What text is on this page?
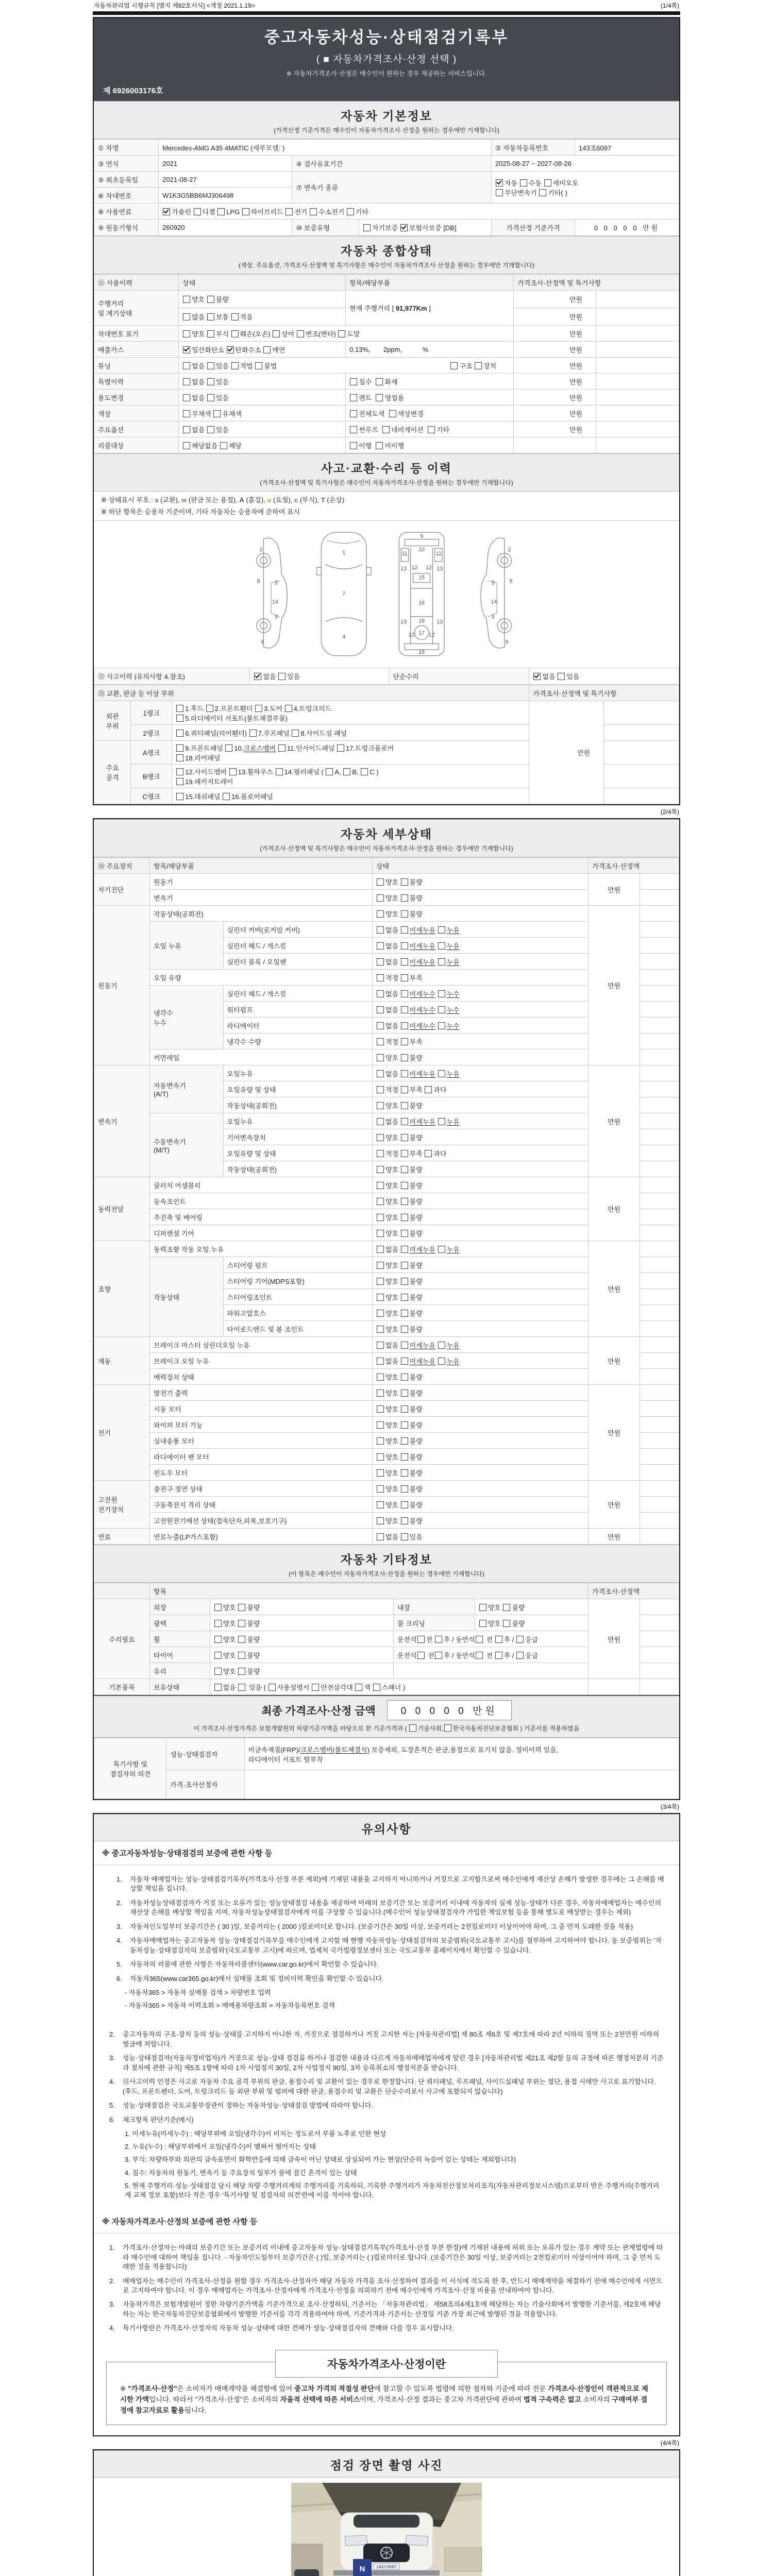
자동차관리법 시행규칙 [별지 제82호서식] <개정 2021.1.19>	(1/4쪽)
중고자동차성능·상태점검기록부
( ■ 자동차가격조사·산정 선택 )
※ 자동차가격조사·산정은 매수인이 원하는 경우 제공하는 서비스입니다.
제 6926003176호
자동차 기본정보
(가격산정 기준가격은 매수인이 자동차가격조사·산정을 원하는 경우에만 기재합니다)
① 차명	Mercedes-AMG A35 4MATIC (세부모델: )			② 자동차등록번호	143조6097
③ 연식	2021	④ 검사유효기간		2025-08-27 ~ 2027-08-26	
⑤ 최초등록일	2021-08-27	⑦ 변속기 종류		자동 수동 세미오토
무단변속기 기타( )	
⑥ 차대번호	W1K3G5BB6MJ306498				
⑧ 사용연료	가솔린 디젤 LPG 하이브리드 전기 수소전기 기타				
⑨ 원동기형식	260920	⑩ 보증유형	자기보증 보험사보증 [DB]	가격산정 기준가격	0 0 0 0 0 만원
자동차 종합상태
(색상, 주요옵션, 가격조사·산정액 및 특기사항은 매수인이 자동차가격조사·산정을 원하는 경우에만 기재합니다)
⑪ 사용이력	상태	항목/해당부품	가격조사·산정액 및 특기사항	
주행거리
및 계기상태	양호 불량	현재 주행거리 [ 91,977Km ]	만원	
	많음 보통 적음		만원	
차대번호 표기	양호 부식 훼손(오손) 상이 변조(변타) 도말		만원	
배출가스	일산화탄소 탄화수소 매연	0.13%,       2ppm,           %	만원	
튜닝	없음 있음 적법 불법 구조 장치		만원	
특별이력	없음 있음	침수  화재	만원	
용도변경	없음 있음	렌트  영업용	만원	
색상	무채색 유채색	전체도색  색상변경	만원	
주요옵션	없음 있음	썬루프  네비게이션  기타	만원	
리콜대상	해당없음 해당	이행  미이행		
사고·교환·수리 등 이력
(가격조사·산정액 및 특기사항은 매수인이 자동차가격조사·산정을 원하는 경우에만 기재합니다)
※ 상태표시 부호 : x (교환), w (판금 또는 용접), A (흠집), u (요철), c (부식), T (손상)
※ 하단 항목은 승용차 기준이며, 기타 자동차는 승용차에 준하여 표시
2
8	3
14
3
6
1
7
4
9
10
11	11
13	13
12 12
15
16
13	13
19
12 12
17
18
2
8
3
14
3
6
⑫ 사고이력 (유의사항 4.참조)	없음 있음	단순수리	없음 있음
⑬ 교환, 판금 등 이상 부위			가격조사·산정액 및 특기사항	
외판
부위	1랭크	1.후드 2.프론트휀더 3.도어 4.트렁크리드
5.라디에이터 서포트(볼트체결부품)	만원	
	2랭크	6.쿼터패널(리어휀더) 7.루프패널 8.사이드실 패널		
주요
골격	A랭크	9.프론트패널 10.크로스멤버 11.인사이드패널 17.트렁크플로어
18.리어패널		
	B랭크	12.사이드멤버 13.휠하우스 14.필러패널 ( A, B, C )
19.패키지트레이		
	C랭크	15.대쉬패널 16.플로어패널		
(2/4쪽)
자동차 세부상태
(가격조사·산정액 및 특기사항은 매수인이 자동차가격조사·산정을 원하는 경우에만 기재합니다)
⑭ 주요장치	항목/해당부품		상태	가격조사·산정액	
자기진단	원동기		양호 불량	만원	
	변속기		양호 불량		
원동기	작동상태(공회전)		양호 불량	만원	
	오일 누유	실린더 커버(로커암 커버)	없음 미세누유 누유		
		실린더 헤드 / 개스킷	없음 미세누유 누유		
		실린더 블록 / 오일팬	없음 미세누유 누유		
	오일 유량		적정 부족		
	냉각수
누수	실린더 헤드 / 개스킷	없음 미세누수 누수		
		워터펌프	없음 미세누수 누수		
		라디에이터	없음 미세누수 누수		
		냉각수 수량	적정 부족		
	커먼레일		양호 불량		
변속기	자동변속기
(A/T)	오일누유	없음 미세누유 누유	만원	
		오일유량 및 상태	적정 부족 과다		
		작동상태(공회전)	양호 불량		
	수동변속기
(M/T)	오일누유	없음 미세누유 누유		
		기어변속장치	양호 불량		
		오일유량 및 상태	적정 부족 과다		
		작동상태(공회전)	양호 불량		
동력전달	클러치 어셈블리		양호 불량	만원	
	등속조인트		양호 불량		
	추진축 및 베어링		양호 불량		
	디퍼렌셜 기어		양호 불량		
조향	동력조향 작동 오일 누유		없음 미세누유 누유	만원	
	작동상태	스티어링 펌프	양호 불량		
		스티어링 기어(MDPS포함)	양호 불량		
		스티어링조인트	양호 불량		
		파워고압호스	양호 불량		
		타이로드엔드 및 볼 조인트	양호 불량		
제동	브레이크 마스터 실린더오일 누유		없음 미세누유 누유	만원	
	브레이크 오일 누유		없음 미세누유 누유		
	배력장치 상태		양호 불량		
전기	발전기 출력		양호 불량	만원	
	시동 모터		양호 불량		
	와이퍼 모터 기능		양호 불량		
	실내송풍 모터		양호 불량		
	라디에이터 팬 모터		양호 불량		
	윈도우 모터		양호 불량		
고전원
전기장치	충전구 절연 상태		양호 불량	만원	
	구동축전지 격리 상태		양호 불량		
	고전원전기배선 상태(접속단자,피복,보호기구)		양호 불량		
연료	연료누출(LP가스포함)		없음 있음	만원	
자동차 기타정보
(이 항목은 매수인이 자동차가격조사·산정을 원하는 경우에만 기재합니다)
	항목				가격조사·산정액	
수리필요	외장	양호 불량	내장	양호 불량	만원	
	광택	양호 불량	룸 크리닝	양호 불량		
	휠	양호 불량	운전석 전 후 / 동반석 전 후 / 응급			
	타이어	양호 불량	운전석 전 후 / 동반석 전 후 / 응급			
	유리	양호 불량				
기본품목	보유상태	없음  있음 ( 사용설명서 안전삼각대 잭 스패너 )				
최종 가격조사·산정 금액	0 0 0 0 0 만원
이 가격조사·산정가격은 보험개발원의 차량기준가액을 바탕으로 한 기준가격과 ( 기술사회, 한국자동차진단보증협회 ) 기준서를 적용하였음
특기사항 및
점검자의 의견	성능·상태점검자	비금속재질(FRP)/크로스멤버(볼트체결식) 보증제외, 도장흔적은 판금,용접으로 표기치 않음. 정비이력 있음,
라디에이터 서포트 탈부착
	가격·조사산정자	
(3/4쪽)
유의사항
※ 중고자동차성능·상태점검의 보증에 관한 사항 등
1.	자동차 매매업자는 성능·상태점검기록부(가격조사·산정 부분 제외)에 기재된 내용을 고지하지 아니하거나 거짓으로 고지함으로써 매수인에게 재산상 손해가 발생한 경우에는 그 손해를 배상할 책임을 집니다.
2.	자동차성능상태점검자가 거짓 또는 오류가 있는 성능상태점검 내용을 제공하여 아래의 보증기간 또는 보증거리 이내에 자동차의 실제 성능·상태가 다른 경우, 자동차매매업자는 매수인의 재산상 손해를 배상할 책임을 지며, 자동차성능상태점검자에게 이를 구상할 수 있습니다.(매수인이 성능상태점검자가 가입한 책임보험 등을 통해 별도로 배상받는 경우는 제외)
3.	자동차인도일부터 보증기간은 ( 30 )일, 보증거리는 ( 2000 )킬로미터로 합니다. (보증기간은 30일 이상, 보증거리는 2천킬로미터 이상이어야 하며, 그 중 먼저 도래한 것을 적용)
4.	자동차매매업자는 중고자동차 성능·상태점검기록부를 매수인에게 고지할 때 현행 자동차성능·상태점검자의 보증범위(국토교통부 고시)를 첨부하여 고지하여야 합니다. 동 보증범위는 '자동차성능·상태점검자의 보증범위'(국토교통부 고시)에 따르며, 법제처 국가법령정보센터 또는 국토교통부 홈페이지에서 확인할 수 있습니다.
5.	자동차의 리콜에 관한 사항은 자동차리콜센터(www.car.go.kr)에서 확인할 수 있습니다.
6.	자동차365(www.car365.go.kr)에서 실매물 조회 및 정비이력 확인을 확인할 수 있습니다.
- 자동차365 > 자동차 실매물 검색 > 차량번호 입력
- 자동차365 > 자동차 이력조회 > 매매용차량조회 > 자동차등록번호 검색
2.	중고자동차의 구조·장치 등의 성능·상태를 고지하지 아니한 자, 거짓으로 점검하거나 거짓 고지한 자는 [자동차관리법] 제 80조 제6호 및 제7호에 따라 2년 이하의 징역 또는 2천만원 이하의 벌금에 처합니다.
3.	성능·상태점검자(자동차정비업자)가 거짓으로 성능·상태 점검을 하거나 점검한 내용과 다르게 자동차매매업자에게 알린 경우 [자동차관리법 제21조 제2항 등의 규정에 따른 행정처분의 기준과 절차에 관한 규칙] 제5조 1항에 따라 1차 사업정지 30일, 2차 사업정지 90일, 3차 등록취소의 행정처분을 받습니다.
4.	⑫사고이력 인정은 사고로 자동차 주요 골격 부위의 판금, 용접수리 및 교환이 있는 경우로 한정합니다. 단 쿼터패널, 루프패널, 사이드실패널 부위는 절단, 용접 시에만 사고로 표기합니다. (후드, 프론트펜더, 도어, 트렁크리드 등 외판 부위 및 범퍼에 대한 판금, 용접수리 및 교환은 단순수리로서 사고에 포함되지 않습니다)
5.	성능·상태점검은 국토교통부장관이 정하는 자동차성능·상태점검 방법에 따라야 합니다.
6.	체크항목 판단기준(예시)
1. 미세누유(미세누수) : 해당부위에 오일(냉각수)이 비치는 정도로서 부품 노후로 인한 현상
2. 누유(누수) : 해당부위에서 오일(냉각수)이 맺혀서 떨어지는 상태
3. 부식: 차량하부와 외판의 금속표면이 화학반응에 의해 금속이 아닌 상태로 상실되어 가는 현상(단순히 녹슬어 있는 상태는 제외합니다)
4. 침수: 자동차의 원동기, 변속기 등 주요장치 일부가 물에 잠긴 흔적이 있는 상태
5. 현재 주행거리·성능·상태점검 당시 해당 차량 주행거리계의 주행거리를 기록하되, 기록한 주행거리가 자동차전산정보처리조직(자동차관리정보시스템)으로부터 받은 주행거리(주행거리계 교체 정보 포함)보다 적은 경우 '특기사항 및 점검자의 의견'란에 이를 적어야 합니다.
※ 자동차가격조사·산정의 보증에 관한 사항 등
1.	가격조사·산정자는 아래의 보증기간 또는 보증거리 이내에 중고자동차 성능·상태점검기록부(가격조사·산정 부분 한정)에 기재된 내용에 허위 또는 오류가 있는 경우 계약 또는 관계법령에 따라 매수인에 대하여 책임을 집니다. · 자동차인도일부터 보증기간은 ( )일, 보증거리는 ( )킬로미터로 합니다. (보증기간은 30일 이상, 보증거리는 2천킬로미터 이상이어야 하며, 그 중 먼저 도래한 것을 적용합니다)
2.	매매업자는 매수인이 가격조사·산정을 원할 경우 가격조사·산정자가 해당 자동차 가격을 조사·산정하여 결과를 이 서식에 적도록 한 후, 반드시 매매계약을 체결하기 전에 매수인에게 서면으로 고지하여야 합니다. 이 경우 매매업자는 가격조사·산정자에게 가격조사·산정을 의뢰하기 전에 매수인에게 가격조사·산정 비용을 안내하여야 합니다.
3.	자동차가격은 보험개발원이 정한 차량기준가액을 기준가격으로 조사·산정하되, 기준서는 「자동차관리법」 제58조의4제1호에 해당하는 자는 기술사회에서 발행한 기준서를, 제2호에 해당하는 자는 한국자동차진단보증협회에서 발행한 기준서를 각각 적용하여야 하며, 기준가격과 기준서는 산정일 기준 가장 최근에 발행된 것을 적용합니다.
4.	특기사항란은 가격조사·산정자의 자동차 성능·상태에 대한 견해가 성능·상태점검자의 견해와 다를 경우 표시합니다.
자동차가격조사·산정이란
※ "가격조사·산정"은 소비자가 매매계약을 체결함에 있어 중고차 가격의 적절성 판단에 참고할 수 있도록 법령에 의한 절차와 기준에 따라 전문 가격조사·산정인이 객관적으로 제시한 가액입니다. 따라서 "가격조사·산정"은 소비자의 자율적 선택에 따른 서비스이며, 가격조사·산정 결과는 중고차 가격판단에 관하여 법적 구속력은 없고 소비자의 구매여부 결정에 참고자료로 활용됩니다.
(4/4쪽)
점검 장면 촬영 사진
143조6097
N
